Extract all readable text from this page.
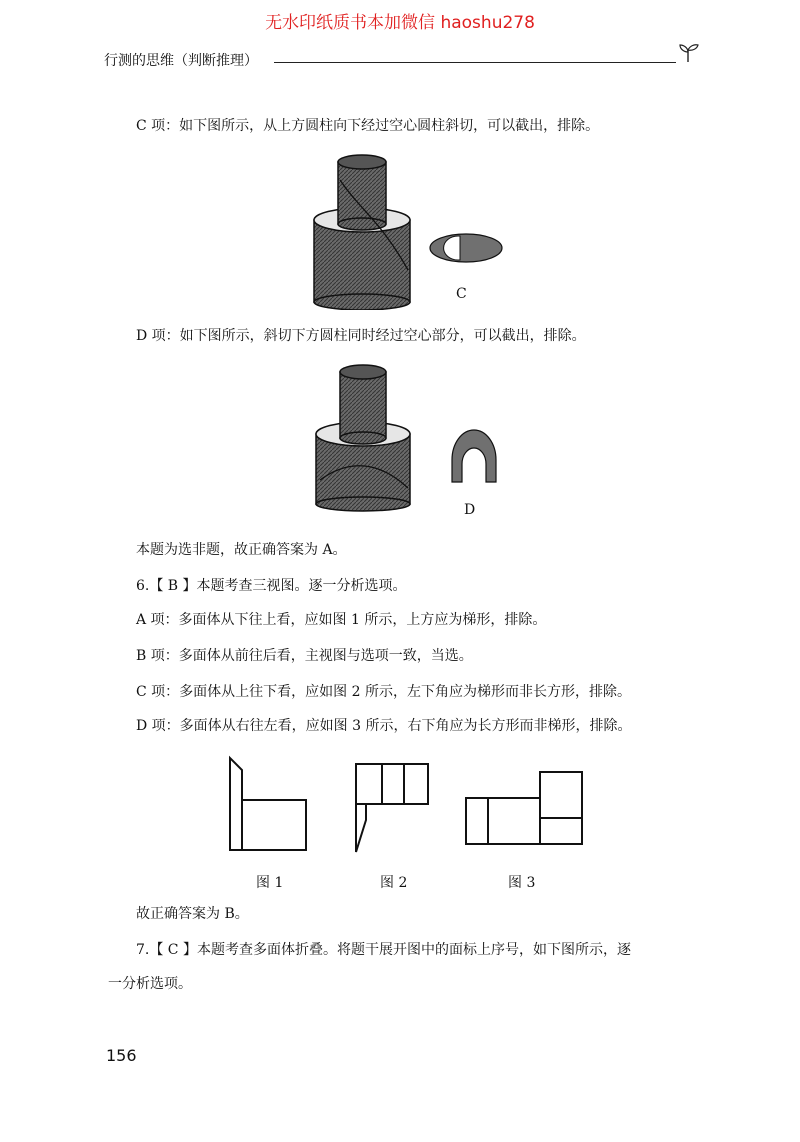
无水印纸质书本加微信 haoshu278
行测的思维（判断推理）
C 项：如下图所示，从上方圆柱向下经过空心圆柱斜切，可以截出，排除。
C
D 项：如下图所示，斜切下方圆柱同时经过空心部分，可以截出，排除。
D
本题为选非题，故正确答案为 A。
6.【 B 】本题考查三视图。逐一分析选项。
A 项：多面体从下往上看，应如图 1 所示，上方应为梯形，排除。
B 项：多面体从前往后看，主视图与选项一致，当选。
C 项：多面体从上往下看，应如图 2 所示，左下角应为梯形而非长方形，排除。
D 项：多面体从右往左看，应如图 3 所示，右下角应为长方形而非梯形，排除。
图 1	图 2	图 3
故正确答案为 B。
7.【 C 】本题考查多面体折叠。将题干展开图中的面标上序号，如下图所示，逐
一分析选项。
156
